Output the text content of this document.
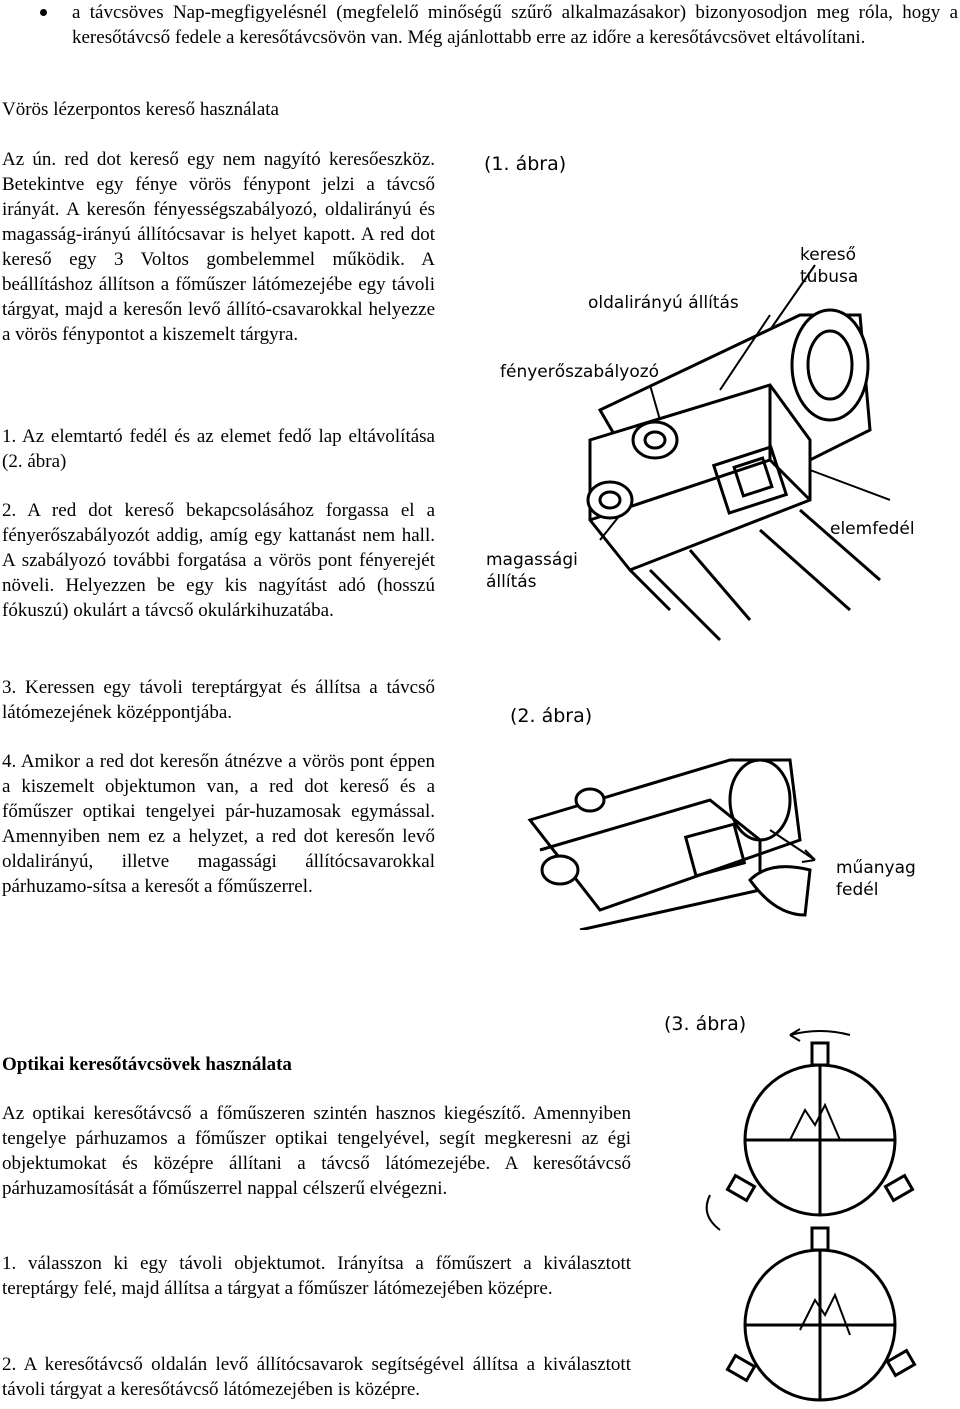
a távcsöves Nap-megfigyelésnél (megfelelő minőségű szűrő alkalmazásakor) bizonyosodjon meg róla, hogy a keresőtávcső fedele a keresőtávcsövön van. Még ajánlottabb erre az időre a keresőtávcsövet eltávolítani.
Vörös lézerpontos kereső használata
Az ún. red dot kereső egy nem nagyító keresőeszköz. Betekintve egy fénye vörös fénypont jelzi a távcső irányát. A keresőn fényességszabályozó, oldalirányú és magasság-irányú állítócsavar is helyet kapott. A red dot kereső egy 3 Voltos gombelemmel működik. A beállításhoz állítson a főműszer látómezejébe egy távoli tárgyat, majd a keresőn levő állító-csavarokkal helyezze a vörös fénypontot a kiszemelt tárgyra.
1. Az elemtartó fedél és az elemet fedő lap eltávolítása (2. ábra)
2. A red dot kereső bekapcsolásához forgassa el a fényerőszabályozót addig, amíg egy kattanást nem hall. A szabályozó további forgatása a vörös pont fényerejét növeli. Helyezzen be egy kis nagyítást adó (hosszú fókuszú) okulárt a távcső okulárkihuzatába.
3. Keressen egy távoli tereptárgyat és állítsa a távcső látómezejének középpontjába.
4. Amikor a red dot keresőn átnézve a vörös pont éppen a kiszemelt objektumon van, a red dot kereső és a főműszer optikai tengelyei pár-huzamosak egymással. Amennyiben nem ez a helyzet, a red dot keresőn levő oldalirányú, illetve magassági állítócsavarokkal párhuzamo-sítsa a keresőt a főműszerrel.
(1. ábra)
kereső
tubusa
oldalirányú állítás
fényerőszabályozó
elemfedél
magassági
állítás
(2. ábra)
műanyag
fedél
Optikai keresőtávcsövek használata
Az optikai keresőtávcső a főműszeren szintén hasznos kiegészítő. Amennyiben tengelye párhuzamos a főműszer optikai tengelyével, segít megkeresni az égi objektumokat és középre állítani a távcső látómezejébe. A keresőtávcső párhuzamosítását a főműszerrel nappal célszerű elvégezni.
1. válasszon ki egy távoli objektumot. Irányítsa a főműszert a kiválasztott tereptárgy felé, majd állítsa a tárgyat a főműszer látómezejében középre.
2. A keresőtávcső oldalán levő állítócsavarok segítségével állítsa a kiválasztott távoli tárgyat a keresőtávcső látómezejében is középre.
(3. ábra)
